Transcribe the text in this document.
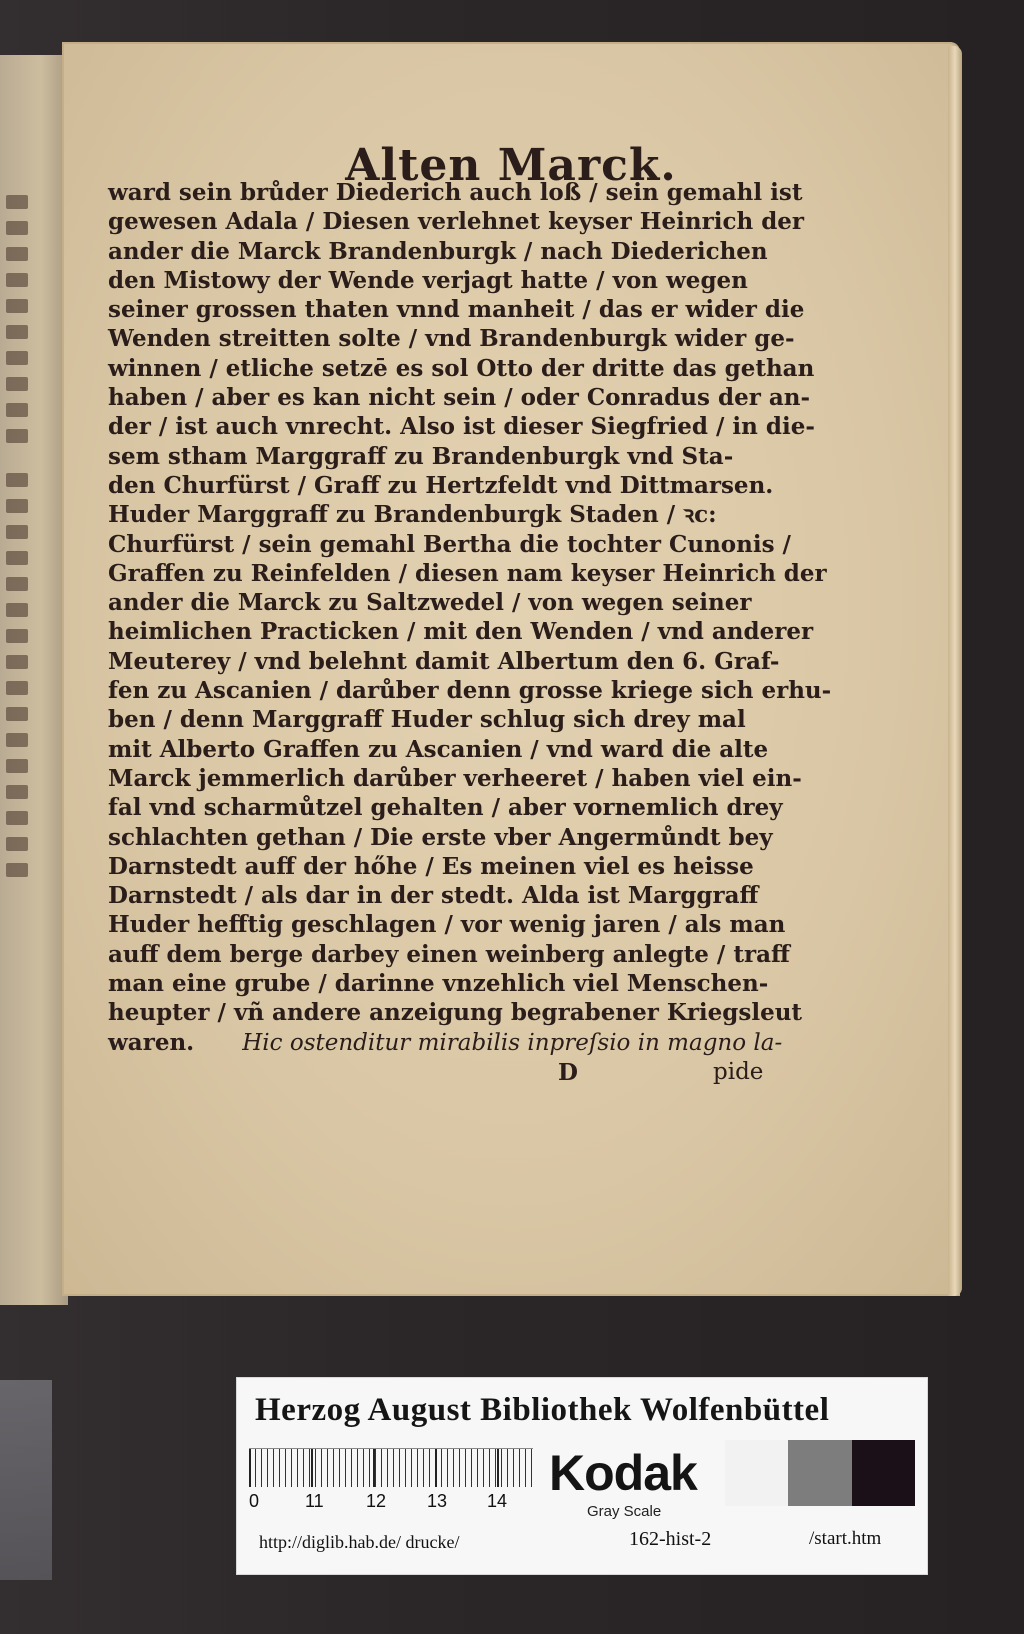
Alten Marck.
ward sein brůder Diederich auch loß / sein gemahl ist
gewesen Adala / Diesen verlehnet keyser Heinrich der
ander die Marck Brandenburgk / nach Diederichen
den Mistowy der Wende verjagt hatte / von wegen
seiner grossen thaten vnnd manheit / das er wider die
Wenden streitten solte / vnd Brandenburgk wider ge-
winnen / etliche setzē es sol Otto der dritte das gethan
haben / aber es kan nicht sein / oder Conradus der an-
der / ist auch vnrecht. Also ist dieser Siegfried / in die-
sem stham Marggraff zu Brandenburgk vnd Sta-
den Churfürst / Graff zu Hertzfeldt vnd Dittmarsen.
Huder Marggraff zu Brandenburgk Staden / ꝛc:
Churfürst / sein gemahl Bertha die tochter Cunonis /
Graffen zu Reinfelden / diesen nam keyser Heinrich der
ander die Marck zu Saltzwedel / von wegen seiner
heimlichen Practicken / mit den Wenden / vnd anderer
Meuterey / vnd belehnt damit Albertum den 6. Graf-
fen zu Ascanien / darůber denn grosse kriege sich erhu-
ben / denn Marggraff Huder schlug sich drey mal
mit Alberto Graffen zu Ascanien / vnd ward die alte
Marck jemmerlich darůber verheeret / haben viel ein-
fal vnd scharmůtzel gehalten / aber vornemlich drey
schlachten gethan / Die erste vber Angermůndt bey
Darnstedt auff der hőhe / Es meinen viel es heisse
Darnstedt / als dar in der stedt. Alda ist Marggraff
Huder hefftig geschlagen / vor wenig jaren / als man
auff dem berge darbey einen weinberg anlegte / traff
man eine grube / darinne vnzehlich viel Menschen-
heupter / vñ andere anzeigung begrabener Kriegsleut
waren. Hic ostenditur mirabilis inpreſsio in magno la-
D	pide
Herzog August Bibliothek Wolfenbüttel
0	11 12 13 14 Kodak
Gray Scale
http://diglib.hab.de/ drucke/	162-hist-2	/start.htm
